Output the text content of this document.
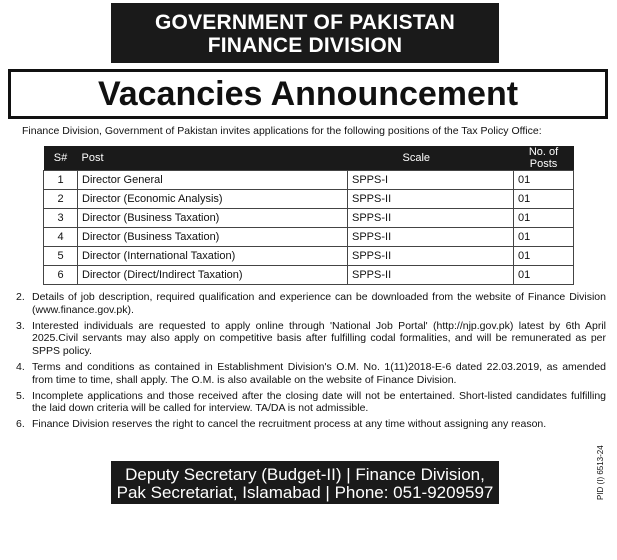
GOVERNMENT OF PAKISTAN
FINANCE DIVISION
Vacancies Announcement
Finance Division, Government of Pakistan invites applications for the following positions of the Tax Policy Office:
S#	Post	Scale	No. of Posts
1	Director General	SPPS-I	01
2	Director (Economic Analysis)	SPPS-II	01
3	Director (Business Taxation)	SPPS-II	01
4	Director (Business Taxation)	SPPS-II	01
5	Director (International Taxation)	SPPS-II	01
6	Director (Direct/Indirect Taxation)	SPPS-II	01
2. Details of job description, required qualification and experience can be downloaded from the website of Finance Division (www.finance.gov.pk).
3. Interested individuals are requested to apply online through 'National Job Portal' (http://njp.gov.pk) latest by 6th April 2025.Civil servants may also apply on competitive basis after fulfilling codal formalities, and will be remunerated as per SPPS policy.
4. Terms and conditions as contained in Establishment Division's O.M. No. 1(11)2018-E-6 dated 22.03.2019, as amended from time to time, shall apply. The O.M. is also available on the website of Finance Division.
5. Incomplete applications and those received after the closing date will not be entertained. Short-listed candidates fulfilling the laid down criteria will be called for interview. TA/DA is not admissible.
6. Finance Division reserves the right to cancel the recruitment process at any time without assigning any reason.
Deputy Secretary (Budget-II) | Finance Division,
Pak Secretariat, Islamabad | Phone: 051-9209597	PID (I) 6513-24
